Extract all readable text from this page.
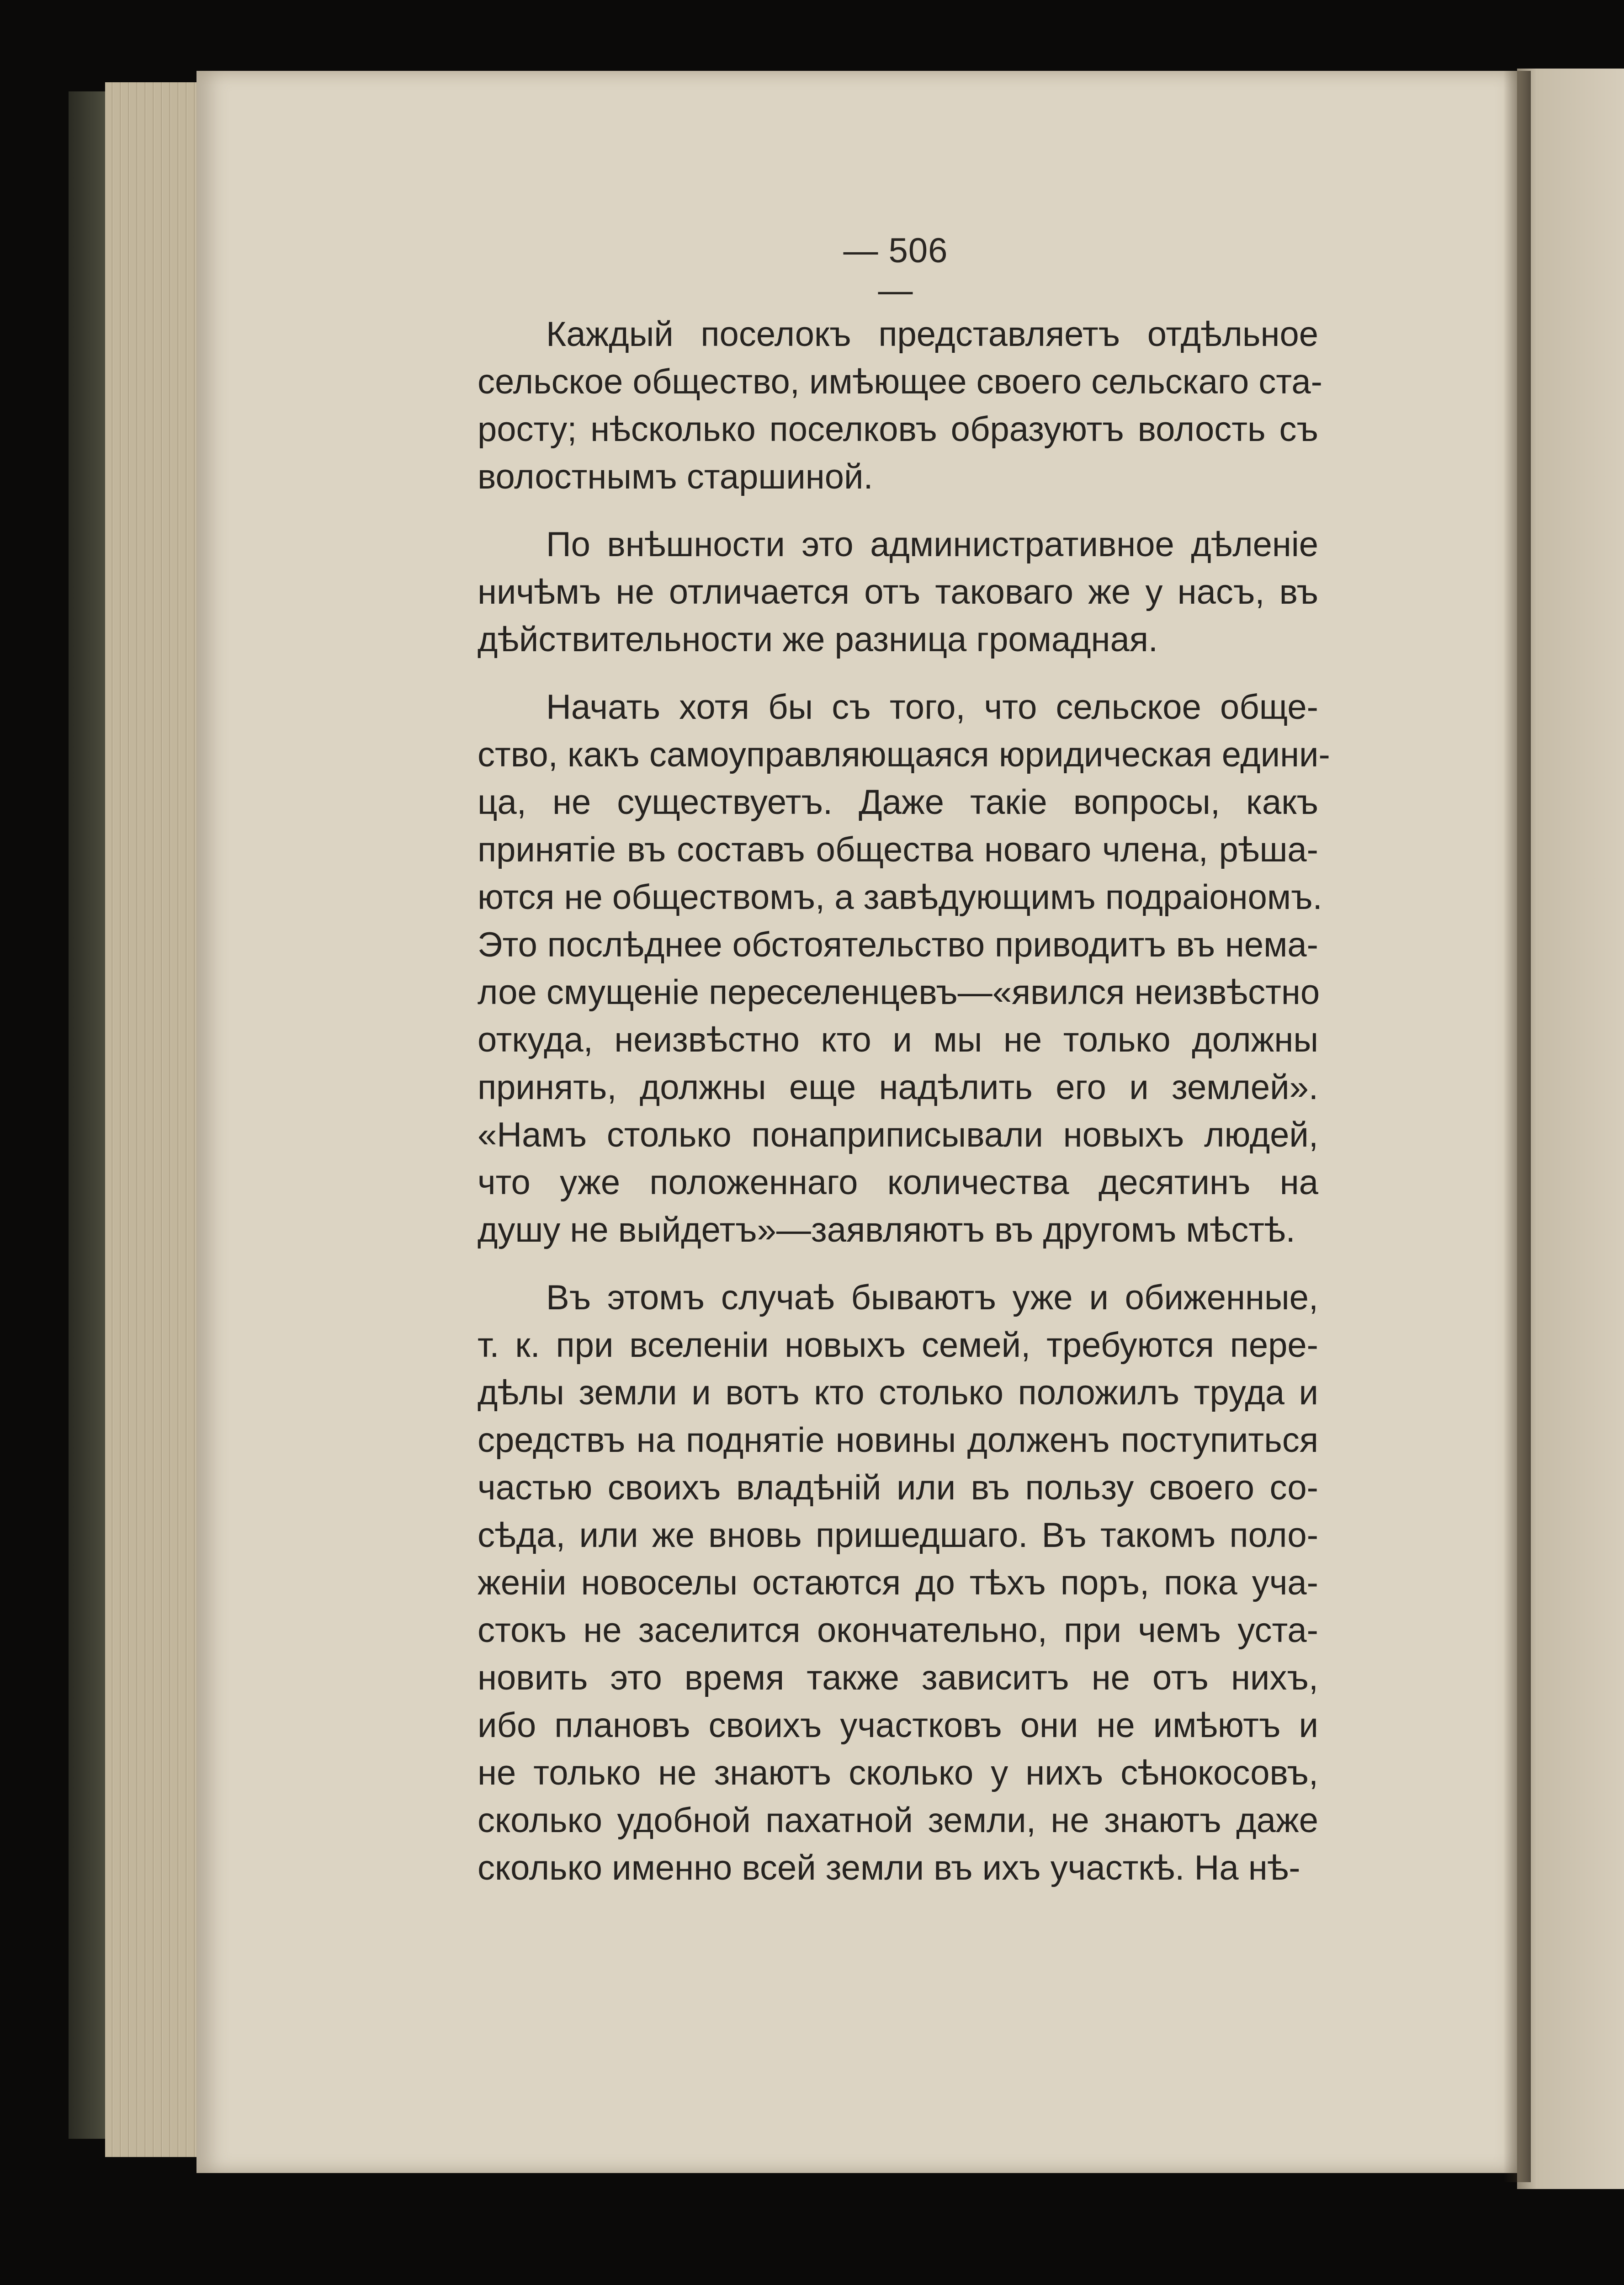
— 506 —
Каждый поселокъ представляетъ отдѣльное
сельское общество, имѣющее своего сельскаго ста-
росту; нѣсколько поселковъ образуютъ волость съ
волостнымъ старшиной.
По внѣшности это административное дѣленіе
ничѣмъ не отличается отъ таковаго же у насъ, въ
дѣйствительности же разница громадная.
Начать хотя бы съ того, что сельское обще-
ство, какъ самоуправляющаяся юридическая едини-
ца, не существуетъ. Даже такіе вопросы, какъ
принятіе въ составъ общества новаго члена, рѣша-
ются не обществомъ, а завѣдующимъ подраіономъ.
Это послѣднее обстоятельство приводитъ въ нема-
лое смущеніе переселенцевъ—«явился неизвѣстно
откуда, неизвѣстно кто и мы не только должны
принять, должны еще надѣлить его и землей».
«Намъ столько понаприписывали новыхъ людей,
что уже положеннаго количества десятинъ на
душу не выйдетъ»—заявляютъ въ другомъ мѣстѣ.
Въ этомъ случаѣ бываютъ уже и обиженные,
т. к. при вселеніи новыхъ семей, требуются пере-
дѣлы земли и вотъ кто столько положилъ труда и
средствъ на поднятіе новины долженъ поступиться
частью своихъ владѣній или въ пользу своего со-
сѣда, или же вновь пришедшаго. Въ такомъ поло-
женіи новоселы остаются до тѣхъ поръ, пока уча-
стокъ не заселится окончательно, при чемъ уста-
новить это время также зависитъ не отъ нихъ,
ибо плановъ своихъ участковъ они не имѣютъ и
не только не знаютъ сколько у нихъ сѣнокосовъ,
сколько удобной пахатной земли, не знаютъ даже
сколько именно всей земли въ ихъ участкѣ. На нѣ-
